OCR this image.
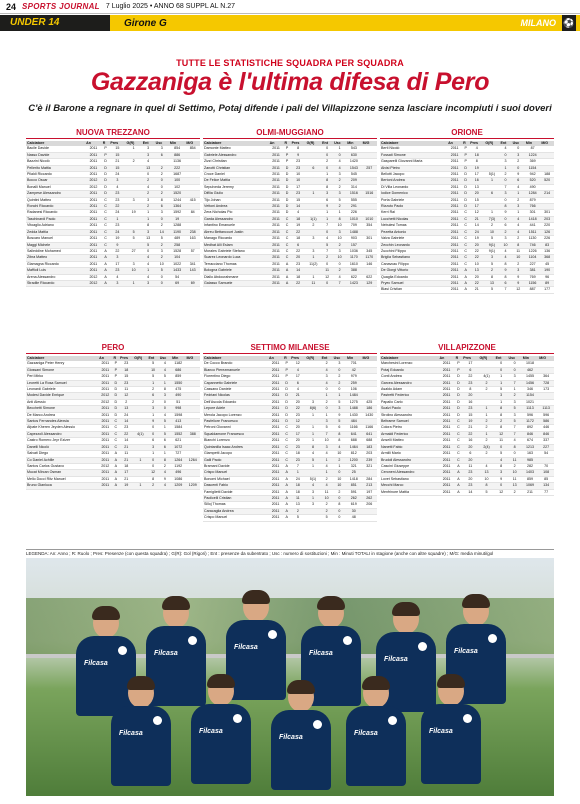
24 SPORTS JOURNAL 7 Luglio 2025 • ANNO 68 SUPPL AL N.27
UNDER 14	Girone G	MILANO ⚽
TUTTE LE STATISTICHE SQUADRA PER SQUADRA
Gazzaniga è l'ultima difesa di Pero
C'è il Barone a regnare in quel di Settimo, Potaj difende i pali del Villapizzone senza lasciare incompiuti i suoi doveri
NUOVA TREZZANO
Calciatore	An	R	Pres	G(R)	Ent	Usc	Min	M/G
Bacile Davide	2011	P	15	1	3	3	854	854
Nasso Davide	2011	P	15		3	6	886	
Bazzini Nicolò	2011	D	21	2	4		1136	
Pellerito Mattia	2011	D	15		13	2	222	
Pilaldi Riccardo	2011	D	24		0	2	1687	
Bocco Oscar	2012	D	3		2	0	100	
Bonalli Manuel	2012	D	4		4	0	102	
Zampese Alessandro	2011	D	23		2	2	1520	
Quintini Matteo	2011	C	23	3	3	8	1244	415
Ronchi Riccardo	2011	C	22		2	6	1364	
Radanesi Riccardo	2011	C	24	19	1	3	1592	84
Taschinardi Paolo	2011	C	1		1	0	19	
Vitoaglio Adriano	2011	C	23		8	2	1288	
Zedda Mattia	2011	C	24	5	3	14	1190	238
Boscaro Manuel	2011	C	19	5	13	5	489	163
Maggi Michele	2011	C	9		5	2	258	
Salleddine Mohamed	2011	A	22	27	0	3	1528	57
Zibra Matteo	2011	A	3		4	2	104	
Giamagna Riccardo	2011	A	17	3	4	10	1022	341
Maffioli Luis	2011	A	23	10	1	5	1433	143
Arena Alessandro	2012	A	4		4	0	54	
Stradile Riccardo	2012	A	3	1	3	0	69	69
OLMI-MUGGIANO
Calciatore	An	R	Pres	G(R)	Ent	Usc	Min	M/G
Damonte Matteo	2011	P	8		0	1	543	
Gabriele Alessandro	2011	P	9		0	0	630	
Zizzi Christian	2011	P	23		2	4	1420	
Zanotti Christian	2011	D	23	6	0	4	1543	257
Croce Daniel	2011	D	10		1	3	545	
De Felice Mattia	2011	D	10		8	2	209	
Sepulveda Jeremy	2011	D	17		8	2	314	
Difilia Giulio	2011	D	23	1	3	3	1516	1516
Tijo Johan	2011	D	15		6	5	555	
Vettoni Andrea	2011	D	14		9	2	291	
Zera Nicholas Pio	2011	D	4		1	1	226	
Garda Alessandro	2011	C	18	1(1)	1	8	1010	1010
Infantino Emanuele	2011	C	19	2	7	10	709	354
Abreu Bettancourt Justin	2011	C	22		0	3	1488	
Manago Riccardo	2011	C	18	3	4	10	903	301
Medhat Alli Eslam	2011	C	6		5	2	157	
Morales Gabriele Stefano	2011	C	22	3	7	3	1036	345
Suarez Leonardo Luca	2011	C	20	1	2	10	1170	1170
Terracciano Thomas	2011	A	23	11(2)	0	0	1610	146
Bologna Gabriele	2011	A	14		11	2	388	
Diallo Abdourahmane	2011	A	18	1	12	4	622	622
Galasso Samuele	2011	A	22	11	0	7	1423	129
ORIONE
Calciatore	An	R	Pres	G(R)	Ent	Usc	Min	M/G
Berti Nicolò	2011	P	4		4	0	87	
Fossati Simone	2011	P	18		0	3	1224	
Gasparelli Giovanni Maria	2011	P	8		3	2	369	
Alvisi Pietro	2011	D	19		1	0	1154	
Bellotti Jacopo	2011	D	17	5(1)	2	9	942	188
Bertoni Andrea	2011	D	16	1	0	6	520	520
Di Villa Leonardo	2011	D	13		7	4	490	
Iodice Domenico	2011	D	20	6	3	1	1284	214
Porta Gabriele	2011	D	15		0	2	879	
Rizzuto Paolo	2011	D	17		8	3	766	
Kerri Rai	2011	C	12	1	9	1	301	301
Lucchetti Nicolas	2011	C	21	7(3)	0	4	1418	203
Nebulesi Tomas	2011	C	14	2	6	4	441	220
Pezetta Antonio	2011	C	24	10	2	4	1511	126
Valva Gabriele	2011	C	19	5	3	2	1130	226
Zecchin Leonardo	2011	C	20	9(1)	10	8	746	83
Zucchini Filippo	2011	C	22	9(1)	4	11	1226	136
Briglia Sebastiano	2011	C	22	3	4	10	1104	368
Canavcau Filippo	2011	C	10	5	8	2	227	45
De Giorgi Vittorio	2011	A	13	2	9	3	381	190
Quaglia Edoardo	2011	A	20	8	8	9	769	96
Pryec Samuel	2011	A	22	13	6	9	1156	89
Blasi Cristian	2011	A	21	5	7	12	887	177
PERO
Calciatore	An	R	Pres	G(R)	Ent	Usc	Min	M/G
Gazzaniga Peter Henry	2011	P	23		5	4	1182	
Giossani Simone	2011	P	18		10	4	686	
Peri Mirko	2011	P	15		5	5	859	
Leoretti La Rosa Samuel	2011	D	23		1	1	1550	
Leonardi Gabriele	2011	D	11		2	8	475	
Modesi Davide Enrique	2012	D	12		6	3	490	
Anti Alessio	2012	D	2		2	0	51	
Becchetti Simone	2011	D	13		3	0	998	
De Marco Andrea	2011	D	24		1	4	1598	
Santos Fernandes Alexsia	2011	C	14		9	5	413	
Afpate Kheren Jeyden Alessio	2011	C	23		0	1	1584	
Capezzoli Alessandro	2011	C	22	4(1)	0	5	1552	388
Castro Romero Jeyr Ezizer	2011	C	14		6	6	621	
Danelli Nicolò	2011	C	21		3	6	1072	
Salvati Diego	2011	A	11		1	1	727	
Co Daniel Achille	2011	A	21	1	0	8	1264	1264
Santos Carlos Gustavo	2012	A	18		0	2	1192	
Mucat Mircan Osman	2011	A	17		12	4	496	
Mello Docci Ritz Manuel	2011	A	21		8	9	1086	
Bruno Gianluca	2011	A	19	1	2	4	1209	1209
SETTIMO MILANESE
Calciatore	An	R	Pres	G(R)	Ent	Usc	Min	M/G
De Cocco Brando	2011	P	12		2	3	701	
Bianco Pierezmanuele	2011	P	4		4	0	42	
Fiorentino Diego	2011	P	17		3	2	979	
Capannetto Gabriele	2011	D	6		4	2	259	
Cassano Daniele	2011	D	4		0	0	106	
Fedriani Nicolas	2011	D	21		1	1	1484	
Dell'Ascola Edoardo	2011	D	20	3	2	5	1275	425
Lepore Adele	2011	D	22	8(6)	0	3	1488	186
Merola Jacopo Lorenzo	2011	D	23	1	1	9	1430	1430
Pasfeliore Francesco	2011	D	12		3	5	484	
Petroni Giovanni	2011	C	20	1	5	6	1166	1166
Squaldamone Francesco	2011	C	17	1	7	8	641	641
Bianchi Lorenzo	2011	C	20	1	10	8	688	688
Quintanilla Isaac Andres	2011	C	23	8	3	4	1464	183
Giampetti Jacopo	2011	C	18	4	4	10	812	203
Galli Paolo	2011	C	23	5	1	2	1200	239
Bramani Davide	2011	A	7	1	4	1	321	321
Crispo Manuel	2011	A	1		1	0	25	
Bonomi Michael	2011	A	24	5(1)	2	10	1418	284
Dascenti Fabio	2011	A	18	4	4	10	851	213
Famiglietti Davide	2011	A	18	3	11	2	591	197
Paolicelli Cristian	2011	A	11	1	10	0	262	262
Silloj Thomas	2011	A	13	3	2	8	619	206
Caracaglia Andrea	2011	A	2		2	0	30	
Crispo Manuel	2011	A	5		5	0	48	
VILLAPIZZONE
Calciatore	An	R	Pres	G(R)	Ent	Usc	Min	M/G
Marchesini Lorenzo	2011	P	17		0	0	1018	
Potaj Edoardo	2011	P	6		0	0	462	
Conti Andrea	2011	D	22	4(1)	1	3	1455	364
Garcea Alessandro	2011	D	23	2	1	7	1456	728
Asaldo Adam	2011	D	8	2	5	1	346	173
Pastretti Federico	2011	D	20		3	2	1154	
Papalio Carlo	2011	D	16		1	3	1021	
Scalzi Paolo	2011	D	23	1	8	5	1113	1113
Strolino Alessandro	2011	D	15	1	8	3	596	596
Beltrame Samuel	2011	C	19	2	2	5	1172	586
Colora Pietro	2011	C	21	2	8	7	892	446
Armaldi Federico	2011	C	22	1	12	7	846	846
Anselli Matteo	2011	C	16	2	11	4	674	337
Nanetti Fabio	2011	C	20	2(4)	0	8	1213	227
Armilli Mario	2011	C	6	2	5	0	163	54
Brudoli Alessandro	2011	C	20		4	11	985	
Cascini Giuseppe	2011	A	11	4	8	2	282	70
Ceroneni Alessandro	2011	A	23	13	3	10	1403	108
Lovet Sebastiano	2011	A	20	10	9	11	859	85
Mecchi Marco	2011	A	23	8	0	13	1069	134
Menfrinore Mattia	2011	A	14	5	12	2	211	77
LEGENDA: An: Anno ; R: Ruolo ; Pres: Presenze (con questa squadra) ; G(R): Gol (Rigori) ; Ent : presenze da subentrato ; Usc : numero di sostituzioni ; Min : Minuti TOTALI in stagione (anche con altre squadre) ; M/G: media minuti/gol
Filcasa
Filcasa
Filcasa
Filcasa
Filcasa
Filcasa
Filcasa
Filcasa
Filcasa
Filcasa
Filcasa
